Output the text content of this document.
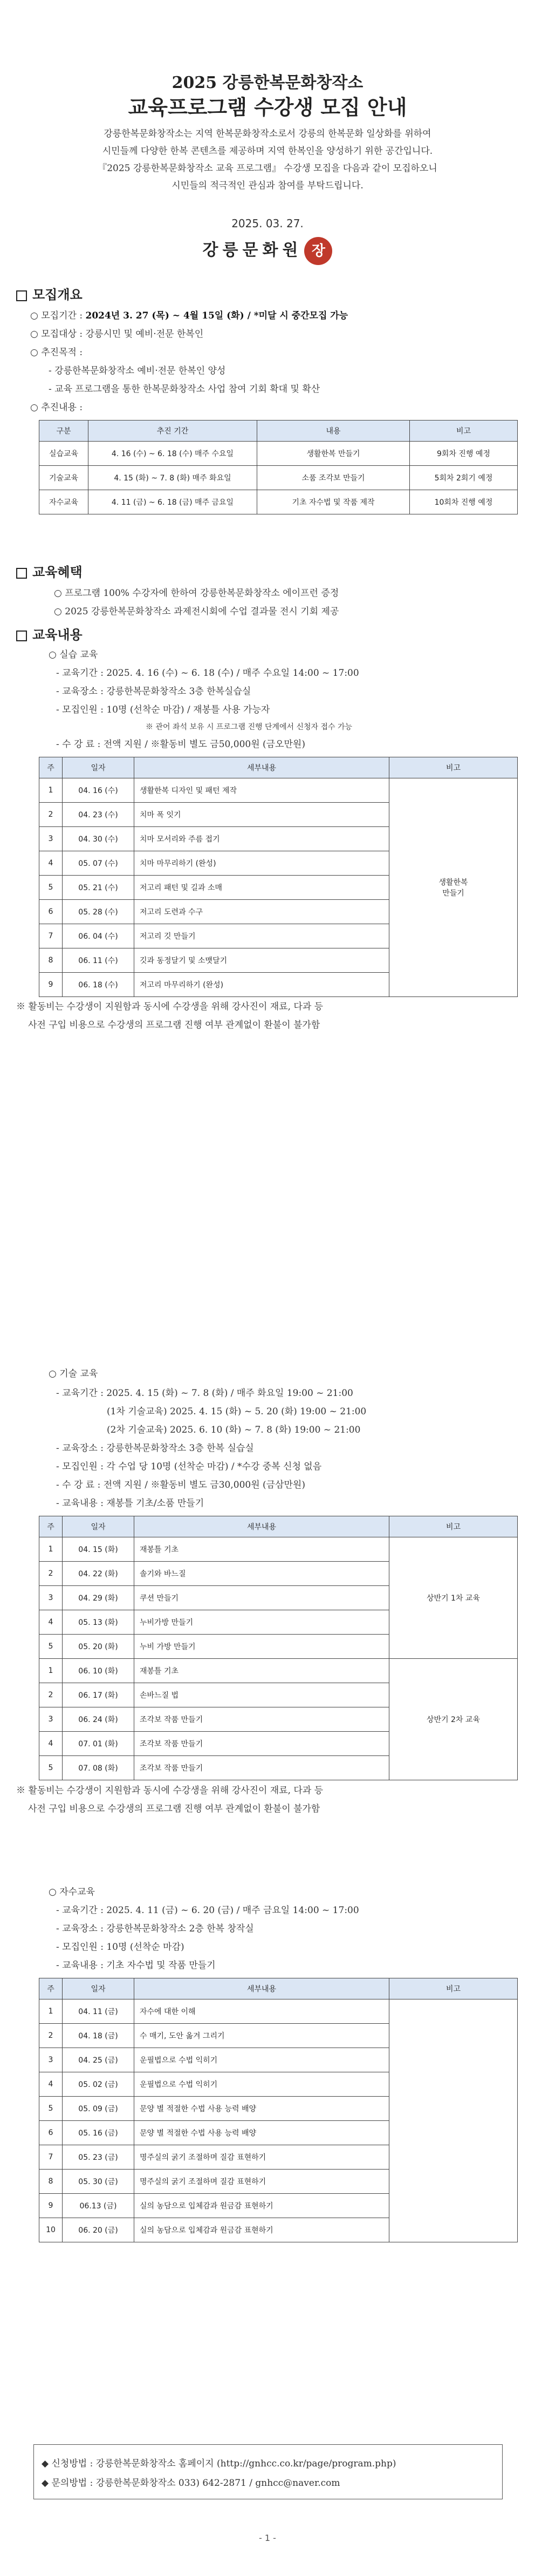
2025 강릉한복문화창작소
교육프로그램 수강생 모집 안내
강릉한복문화창작소는 지역 한복문화창작소로서 강릉의 한복문화 일상화를 위하여
시민들께 다양한 한복 콘텐츠를 제공하며 지역 한복인을 양성하기 위한 공간입니다.
『2025 강릉한복문화창작소 교육 프로그램』 수강생 모집을 다음과 같이 모집하오니
시민들의 적극적인 관심과 참여를 부탁드립니다.
2025. 03. 27.
강릉문화원 장
모집개요
○ 모집기간 : 2024년 3. 27 (목) ~ 4월 15일 (화) / *미달 시 중간모집 가능
○ 모집대상 : 강릉시민 및 예비·전문 한복인
○ 추진목적 :
- 강릉한복문화창작소 예비·전문 한복인 양성
- 교육 프로그램을 통한 한복문화창작소 사업 참여 기회 확대 및 확산
○ 추진내용 :
구분	추진 기간	내용	비고
실습교육	4. 16 (수) ~ 6. 18 (수) 매주 수요일	생활한복 만들기	9회차 진행 예정
기술교육	4. 15 (화) ~ 7. 8 (화) 매주 화요일	소품 조각보 만들기	5회차 2회기 예정
자수교육	4. 11 (금) ~ 6. 18 (금) 매주 금요일	기초 자수법 및 작품 제작	10회차 진행 예정
교육혜택
○ 프로그램 100% 수강자에 한하여 강릉한복문화창작소 에이프런 증정
○ 2025 강릉한복문화창작소 과제전시회에 수업 결과물 전시 기회 제공
교육내용
○ 실습 교육
- 교육기간 : 2025. 4. 16 (수) ~ 6. 18 (수) / 매주 수요일 14:00 ~ 17:00
- 교육장소 : 강릉한복문화창작소 3층 한복실습실
- 모집인원 : 10명 (선착순 마감) / 재봉틀 사용 가능자
※ 관어 좌석 보유 시 프로그램 진행 단계에서 신청자 접수 가능
- 수 강 료 : 전액 지원 / ※활동비 별도 금50,000원 (금오만원)
주	일자	세부내용	비고
1	04. 16 (수)	생활한복 디자인 및 패턴 제작	생활한복
만들기

2	04. 23 (수)	치마 폭 잇기	
3	04. 30 (수)	치마 모서리와 주름 접기	
4	05. 07 (수)	치마 마무리하기 (완성)	
5	05. 21 (수)	저고리 패턴 및 길과 소매	
6	05. 28 (수)	저고리 도련과 수구	
7	06. 04 (수)	저고리 깃 만들기	
8	06. 11 (수)	깃과 동정달기 및 소맷달기	
9	06. 18 (수)	저고리 마무리하기 (완성)	
※ 활동비는 수강생이 지원함과 동시에 수강생을 위해 강사진이 재료, 다과 등
사전 구입 비용으로 수강생의 프로그램 진행 여부 관계없이 환불이 불가함
○ 기술 교육
- 교육기간 : 2025. 4. 15 (화) ~ 7. 8 (화) / 매주 화요일 19:00 ~ 21:00
(1차 기술교육) 2025. 4. 15 (화) ~ 5. 20 (화) 19:00 ~ 21:00
(2차 기술교육) 2025. 6. 10 (화) ~ 7. 8 (화) 19:00 ~ 21:00
- 교육장소 : 강릉한복문화창작소 3층 한복 실습실
- 모집인원 : 각 수업 당 10명 (선착순 마감) / *수강 중복 신청 없음
- 수 강 료 : 전액 지원 / ※활동비 별도 금30,000원 (금삼만원)
- 교육내용 : 재봉틀 기초/소품 만들기
주	일자	세부내용	비고
1	04. 15 (화)	재봉틀 기초	상반기 1차 교육
2	04. 22 (화)	솔기와 바느질	
3	04. 29 (화)	쿠션 만들기	
4	05. 13 (화)	누비가방 만들기	
5	05. 20 (화)	누비 가방 만들기	
1	06. 10 (화)	재봉틀 기초	상반기 2차 교육
2	06. 17 (화)	손바느질 법	
3	06. 24 (화)	조각보 작품 만들기	
4	07. 01 (화)	조각보 작품 만들기	
5	07. 08 (화)	조각보 작품 만들기	
※ 활동비는 수강생이 지원함과 동시에 수강생을 위해 강사진이 재료, 다과 등
사전 구입 비용으로 수강생의 프로그램 진행 여부 관계없이 환불이 불가함
○ 자수교육
- 교육기간 : 2025. 4. 11 (금) ~ 6. 20 (금) / 매주 금요일 14:00 ~ 17:00
- 교육장소 : 강릉한복문화창작소 2층 한복 창작실
- 모집인원 : 10명 (선착순 마감)
- 교육내용 : 기초 자수법 및 작품 만들기
주	일자	세부내용	비고
1	04. 11 (금)	자수에 대한 이해	
2	04. 18 (금)	수 매기, 도안 옮겨 그리기	
3	04. 25 (금)	운필법으로 수법 익히기	
4	05. 02 (금)	운필법으로 수법 익히기	
5	05. 09 (금)	문양 별 적절한 수법 사용 능력 배양	
6	05. 16 (금)	문양 별 적절한 수법 사용 능력 배양	
7	05. 23 (금)	명주실의 굵기 조절하며 질감 표현하기	
8	05. 30 (금)	명주실의 굵기 조절하며 질감 표현하기	
9	06.13 (금)	실의 농담으로 입체감과 원금감 표현하기	
10	06. 20 (금)	실의 농담으로 입체감과 원금감 표현하기	
◆ 신청방법 : 강릉한복문화창작소 홈페이지 (http://gnhcc.co.kr/page/program.php)
◆ 문의방법 : 강릉한복문화창작소 033) 642-2871 / gnhcc@naver.com
- 1 -
